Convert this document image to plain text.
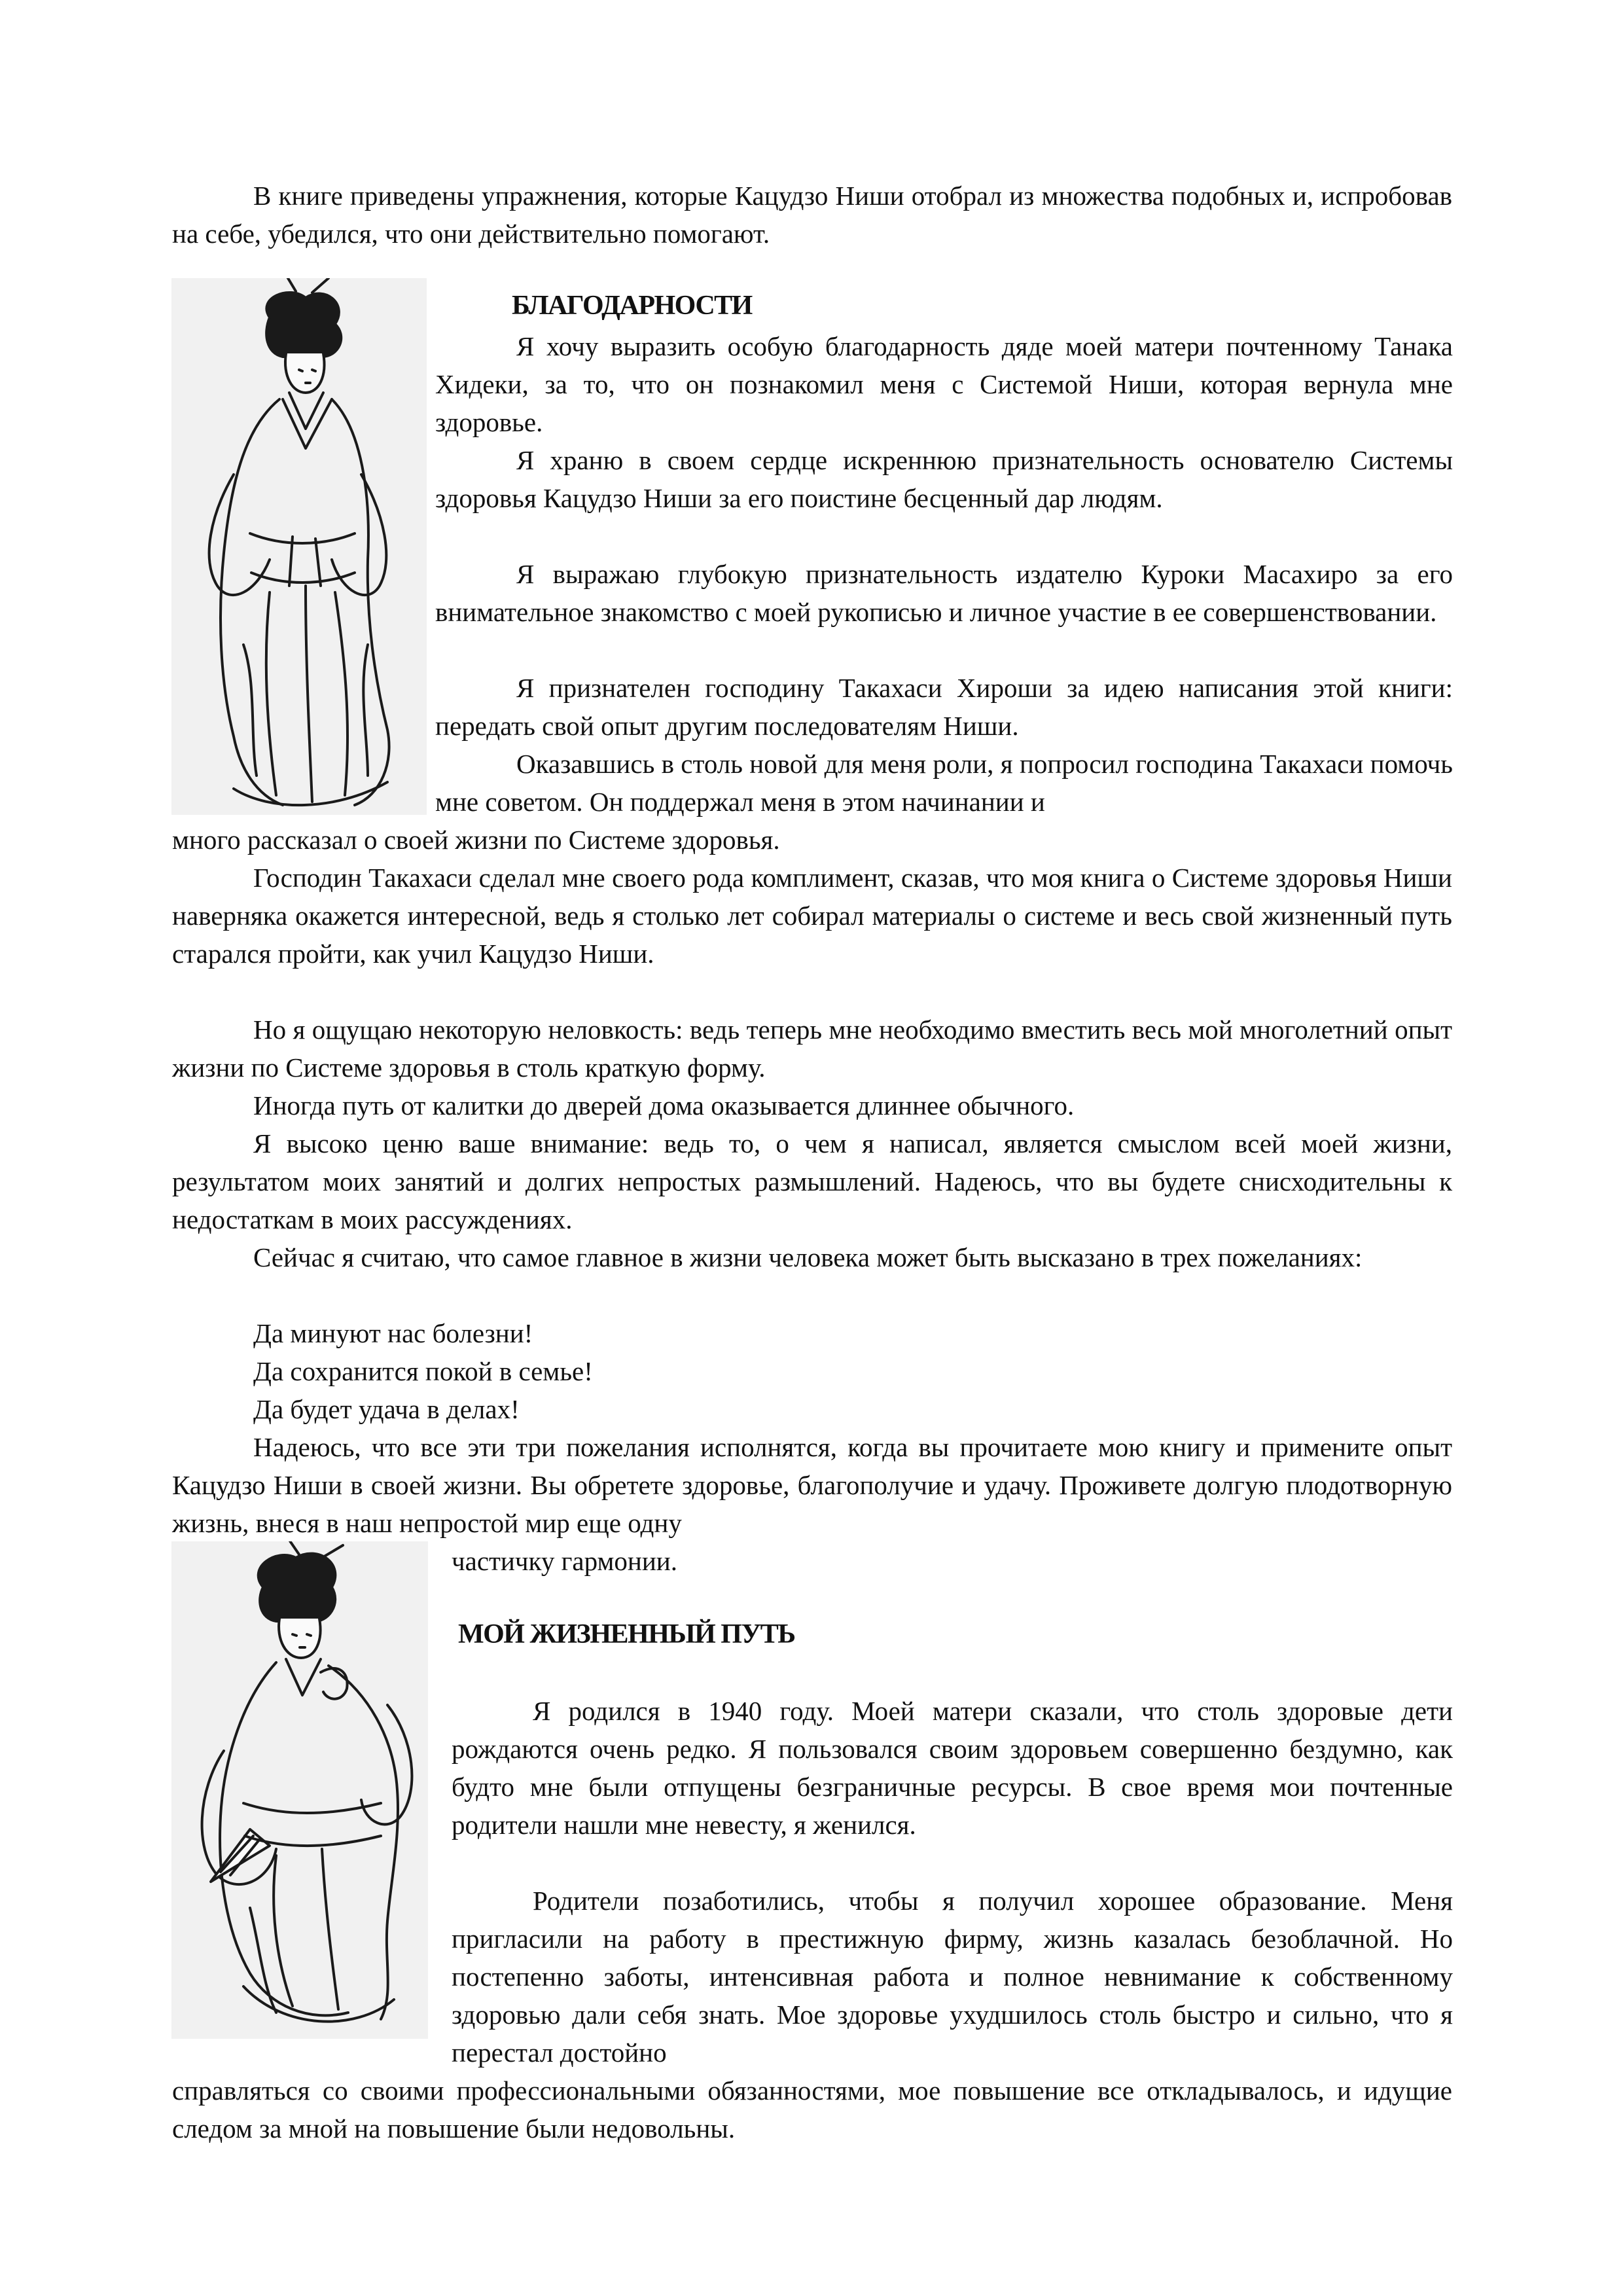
В книге приведены упражнения, которые Кацудзо Ниши отобрал из множества подобных и, испробовав на себе, убедился, что они действительно помогают.

БЛАГОДАРНОСТИ

Я хочу выразить особую благодарность дяде моей матери почтенному Танака Хидеки, за то, что он познакомил меня с Системой Ниши, которая вернула мне здоровье.

Я храню в своем сердце искреннюю признательность основателю Системы здоровья Кацудзо Ниши за его поистине бесценный дар людям.

Я выражаю глубокую признательность издателю Куроки Масахиро за его внимательное знакомство с моей рукописью и личное участие в ее совершенствовании.

Я признателен господину Такахаси Хироши за идею написания этой книги: передать свой опыт другим последователям Ниши.

Оказавшись в столь новой для меня роли, я попросил господина Такахаси помочь мне советом. Он поддержал меня в этом начинании и

много рассказал о своей жизни по Системе здоровья.

Господин Такахаси сделал мне своего рода комплимент, сказав, что моя книга о Системе здоровья Ниши наверняка окажется интересной, ведь я столько лет собирал материалы о системе и весь свой жизненный путь старался пройти, как учил Кацудзо Ниши.

Но я ощущаю некоторую неловкость: ведь теперь мне необходимо вместить весь мой многолетний опыт жизни по Системе здоровья в столь краткую форму.

Иногда путь от калитки до дверей дома оказывается длиннее обычного.

Я высоко ценю ваше внимание: ведь то, о чем я написал, является смыслом всей моей жизни, результатом моих занятий и долгих непростых размышлений. Надеюсь, что вы будете снисходительны к недостаткам в моих рассуждениях.

Сейчас я считаю, что самое главное в жизни человека может быть высказано в трех пожеланиях:

Да минуют нас болезни!

Да сохранится покой в семье!

Да будет удача в делах!

Надеюсь, что все эти три пожелания исполнятся, когда вы прочитаете мою книгу и примените опыт Кацудзо Ниши в своей жизни. Вы обретете здоровье, благополучие и удачу. Проживете долгую плодотворную жизнь, внеся в наш непростой мир еще одну

частичку гармонии.

МОЙ ЖИЗНЕННЫЙ ПУТЬ

Я родился в 1940 году. Моей матери сказали, что столь здоровые дети рождаются очень редко. Я пользовался своим здоровьем совершенно бездумно, как будто мне были отпущены безграничные ресурсы. В свое время мои почтенные родители нашли мне невесту, я женился.

Родители позаботились, чтобы я получил хорошее образование. Меня пригласили на работу в престижную фирму, жизнь казалась безоблачной. Но постепенно заботы, интенсивная работа и полное невнимание к собственному здоровью дали себя знать. Мое здоровье ухудшилось столь быстро и сильно, что я перестал достойно

справляться со своими профессиональными обязанностями, мое повышение все откладывалось, и идущие следом за мной на повышение были недовольны.
